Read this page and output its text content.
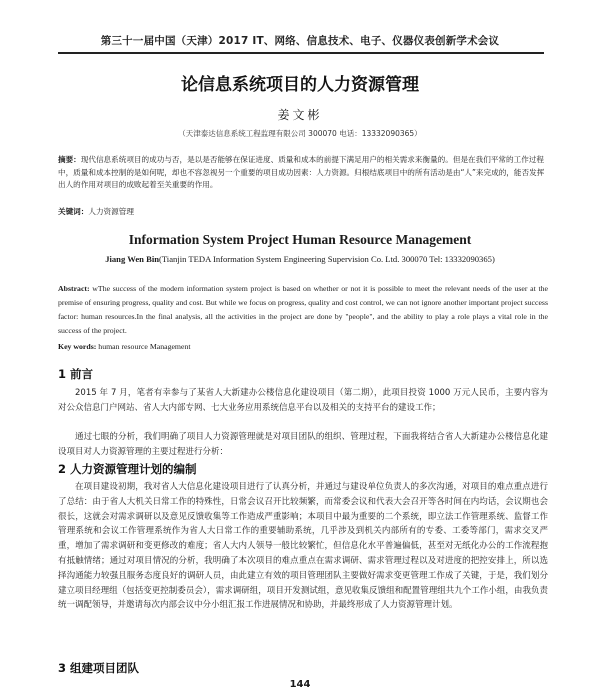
第三十一届中国（天津）2017 IT、网络、信息技术、电子、仪器仪表创新学术会议
论信息系统项目的人力资源管理
姜文彬
（天津泰达信息系统工程监理有限公司 300070 电话：13332090365）
摘要：现代信息系统项目的成功与否，是以是否能够在保证进度、质量和成本的前提下满足用户的相关需求来衡量的。但是在我们平常的工作过程中，质量和成本控制的是如何呢，却也不容忽视另一个重要的项目成功因素：人力资源。归根结底项目中的所有活动是由“人”来完成的，能否发挥出人的作用对项目的成败起着至关重要的作用。
关键词：人力资源管理
Information System Project Human Resource Management
Jiang Wen Bin(Tianjin TEDA Information System Engineering Supervision Co. Ltd. 300070 Tel: 13332090365)
Abstract: wThe success of the modern information system project is based on whether or not it is possible to meet the relevant needs of the user at the premise of ensuring progress, quality and cost. But while we focus on progress, quality and cost control, we can not ignore another important project success factor: human resources.In the final analysis, all the activities in the project are done by "people", and the ability to play a role plays a vital role in the success of the project.
Key words: human resource Management
1 前言
2015 年 7 月，笔者有幸参与了某省人大新建办公楼信息化建设项目（第二期），此项目投资 1000 万元人民币，主要内容为对公众信息门户网站、省人大内部专网、七大业务应用系统信息平台以及相关的支持平台的建设工作；
通过七眼的分析，我们明确了项目人力资源管理就是对项目团队的组织、管理过程，下面我将结合省人大新建办公楼信息化建设项目对人力资源管理的主要过程进行分析：
2 人力资源管理计划的编制
在项目建设初期，我对省人大信息化建设项目进行了认真分析，并通过与建设单位负责人的多次沟通，对项目的难点重点进行了总结：由于省人大机关日常工作的特殊性，日常会议召开比较频繁，而常委会议和代表大会召开等各时间在内均话，会议期也会很长，这就会对需求调研以及意见反馈收集等工作造成严重影响；本项目中最为重要的二个系统，即立法工作管理系统、监督工作管理系统和会议工作管理系统作为省人大日常工作的重要辅助系统，几乎涉及到机关内部所有的专委、工委等部门，需求交叉严重，增加了需求调研和变更修改的难度；省人大内人领导一般比较繁忙，但信息化水平普遍偏低，甚至对无纸化办公的工作流程抱有抵触情绪；通过对项目情况的分析，我明确了本次项目的难点重点在需求调研、需求管理过程以及对进度的把控安排上，所以选择沟通能力较强且服务态度良好的调研人员，由此建立有效的项目管理团队主要做好需求变更管理工作成了关键，于是，我们划分建立项目经理组（包括变更控制委员会），需求调研组，项目开发测试组，意见收集反馈组和配置管理组共九个工作小组，由我负责统一调配领导，并邀请每次内部会议中分小组汇报工作进展情况和协助，并最终形成了人力资源管理计划。
3 组建项目团队
144
